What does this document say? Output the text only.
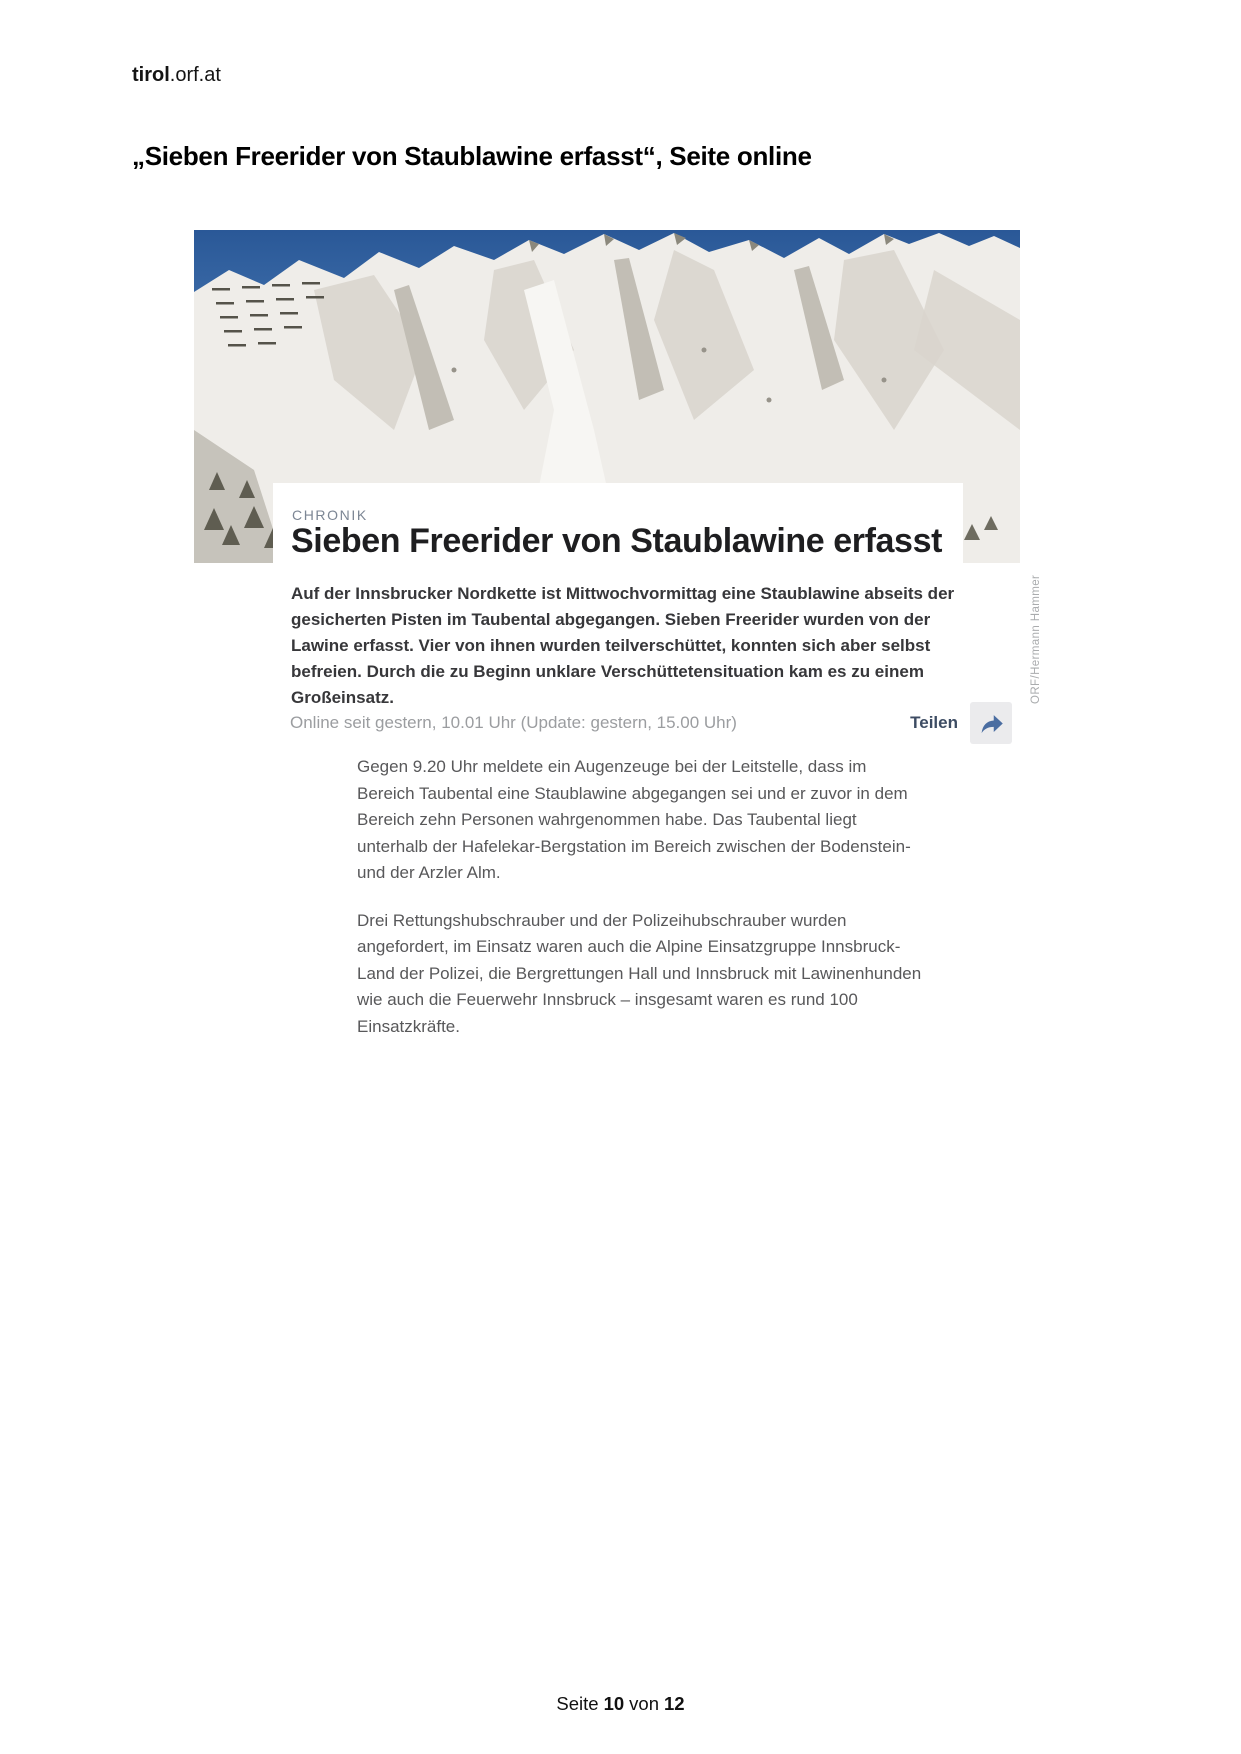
tirol.orf.at
„Sieben Freerider von Staublawine erfasst“, Seite online
CHRONIK
Sieben Freerider von Staublawine erfasst

Auf der Innsbrucker Nordkette ist Mittwochvormittag eine Staublawine abseits der gesicherten Pisten im Taubental abgegangen. Sieben Freerider wurden von der Lawine erfasst. Vier von ihnen wurden teilverschüttet, konnten sich aber selbst befreien. Durch die zu Beginn unklare Verschüttetensituation kam es zu einem Großeinsatz.

Online seit gestern, 10.01 Uhr (Update: gestern, 15.00 Uhr)	Teilen
ORF/Hermann Hammer

Gegen 9.20 Uhr meldete ein Augenzeuge bei der Leitstelle, dass im Bereich Taubental eine Staublawine abgegangen sei und er zuvor in dem Bereich zehn Personen wahrgenommen habe. Das Taubental liegt unterhalb der Hafelekar-Bergstation im Bereich zwischen der Bodenstein- und der Arzler Alm.

Drei Rettungshubschrauber und der Polizeihubschrauber wurden angefordert, im Einsatz waren auch die Alpine Einsatzgruppe Innsbruck-Land der Polizei, die Bergrettungen Hall und Innsbruck mit Lawinenhunden wie auch die Feuerwehr Innsbruck – insgesamt waren es rund 100 Einsatzkräfte.

Seite 10 von 12
